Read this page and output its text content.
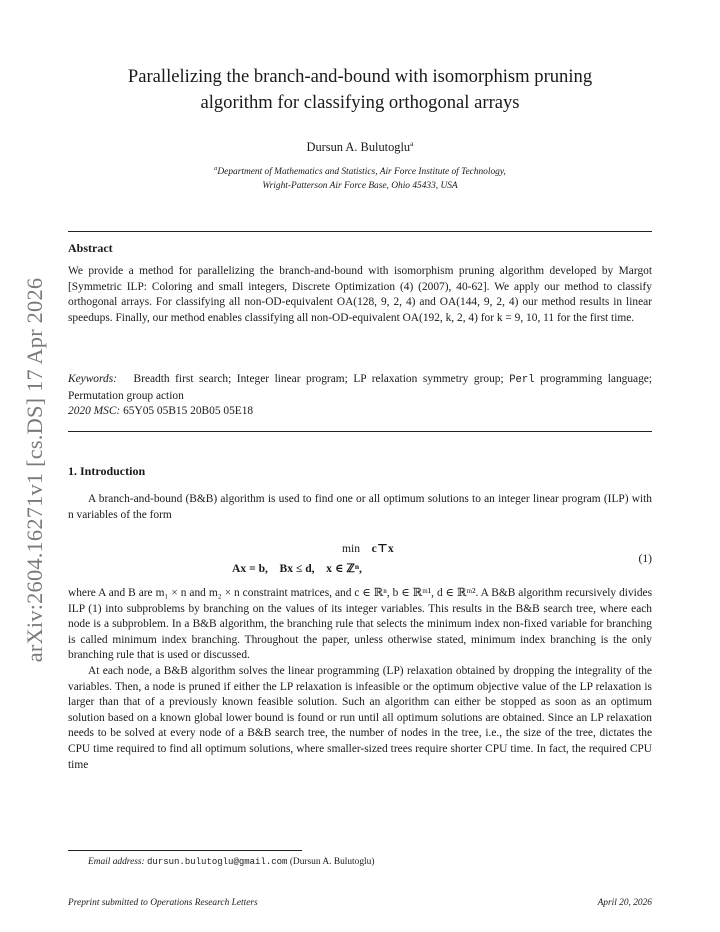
arXiv:2604.16271v1 [cs.DS] 17 Apr 2026
Parallelizing the branch-and-bound with isomorphism pruning
algorithm for classifying orthogonal arrays
Dursun A. Bulutoglu$^a$
$^a$Department of Mathematics and Statistics, Air Force Institute of Technology,
Wright-Patterson Air Force Base, Ohio 45433, USA
Abstract

We provide a method for parallelizing the branch-and-bound with isomorphism pruning algorithm developed by Margot [Symmetric ILP: Coloring and small integers, Discrete Optimization (4) (2007), 40-62]. We apply our method to classify orthogonal arrays. For classifying all non-OD-equivalent OA(128, 9, 2, 4) and OA(144, 9, 2, 4) our method results in linear speedups. Finally, our method enables classifying all non-OD-equivalent OA(192, k, 2, 4) for k = 9, 10, 11 for the first time.

Keywords: Breadth first search; Integer linear program; LP relaxation symmetry group; Perl programming language; Permutation group action

2020 MSC: 65Y05 05B15 20B05 05E18

1. Introduction

A branch-and-bound (B&B) algorithm is used to find one or all optimum solutions to an integer linear program (ILP) with n variables of the form

min c⊤x
Ax = b, Bx ≤ d, x ∈ ℤⁿ,
(1)

where A and B are m₁ × n and m₂ × n constraint matrices, and c ∈ ℝⁿ, b ∈ ℝᵐ¹, d ∈ ℝᵐ². A B&B algorithm recursively divides ILP (1) into subproblems by branching on the values of its integer variables. This results in the B&B search tree, where each node is a subproblem. In a B&B algorithm, the branching rule that selects the minimum index non-fixed variable for branching is called minimum index branching. Throughout the paper, unless otherwise stated, minimum index branching is the only branching rule that is used or discussed.

At each node, a B&B algorithm solves the linear programming (LP) relaxation obtained by dropping the integrality of the variables. Then, a node is pruned if either the LP relaxation is infeasible or the optimum objective value of the LP relaxation is larger than that of a previously known feasible solution. Such an algorithm can either be stopped as soon as an optimum solution based on a known global lower bound is found or run until all optimum solutions are obtained. Since an LP relaxation needs to be solved at every node of a B&B search tree, the number of nodes in the tree, i.e., the size of the tree, dictates the CPU time required to find all optimum solutions, where smaller-sized trees require shorter CPU time. In fact, the required CPU time

Email address: dursun.bulutoglu@gmail.com (Dursun A. Bulutoglu)
Preprint submitted to Operations Research Letters	April 20, 2026
